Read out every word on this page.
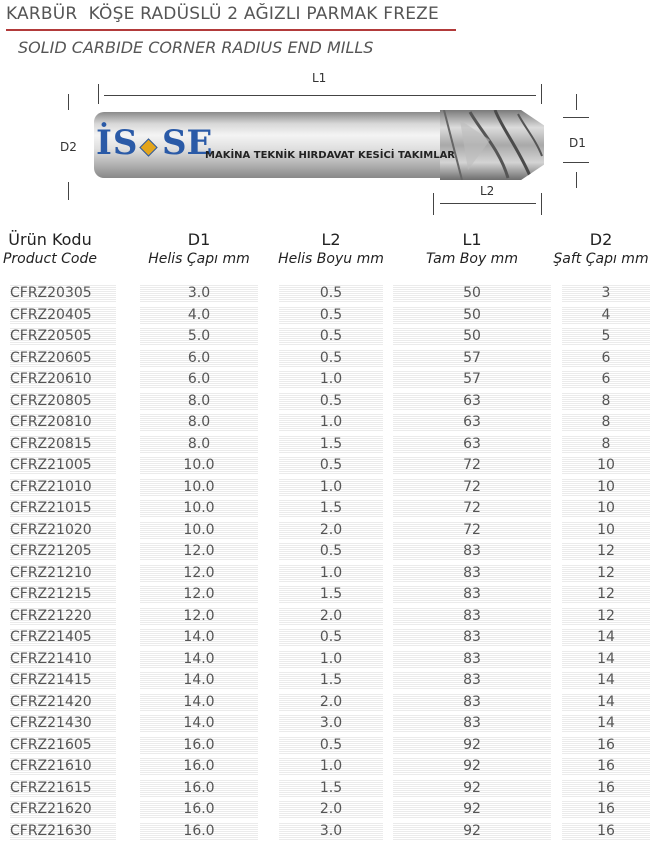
KARBÜR  KÖŞE RADÜSLÜ 2 AĞIZLI PARMAK FREZE
SOLID CARBIDE CORNER RADIUS END MILLS
L1
D2	D1
L2
İS SE
MAKİNA TEKNİK HIRDAVAT KESİCİ TAKIMLAR
Ürün Kodu
Product Code
D1
Helis Çapı mm
L2
Helis Boyu mm
L1
Tam Boy mm
D2
Şaft Çapı mm
CFRZ20305	3.0	0.5	50	3
CFRZ20405	4.0	0.5	50	4
CFRZ20505	5.0	0.5	50	5
CFRZ20605	6.0	0.5	57	6
CFRZ20610	6.0	1.0	57	6
CFRZ20805	8.0	0.5	63	8
CFRZ20810	8.0	1.0	63	8
CFRZ20815	8.0	1.5	63	8
CFRZ21005	10.0	0.5	72	10
CFRZ21010	10.0	1.0	72	10
CFRZ21015	10.0	1.5	72	10
CFRZ21020	10.0	2.0	72	10
CFRZ21205	12.0	0.5	83	12
CFRZ21210	12.0	1.0	83	12
CFRZ21215	12.0	1.5	83	12
CFRZ21220	12.0	2.0	83	12
CFRZ21405	14.0	0.5	83	14
CFRZ21410	14.0	1.0	83	14
CFRZ21415	14.0	1.5	83	14
CFRZ21420	14.0	2.0	83	14
CFRZ21430	14.0	3.0	83	14
CFRZ21605	16.0	0.5	92	16
CFRZ21610	16.0	1.0	92	16
CFRZ21615	16.0	1.5	92	16
CFRZ21620	16.0	2.0	92	16
CFRZ21630	16.0	3.0	92	16
